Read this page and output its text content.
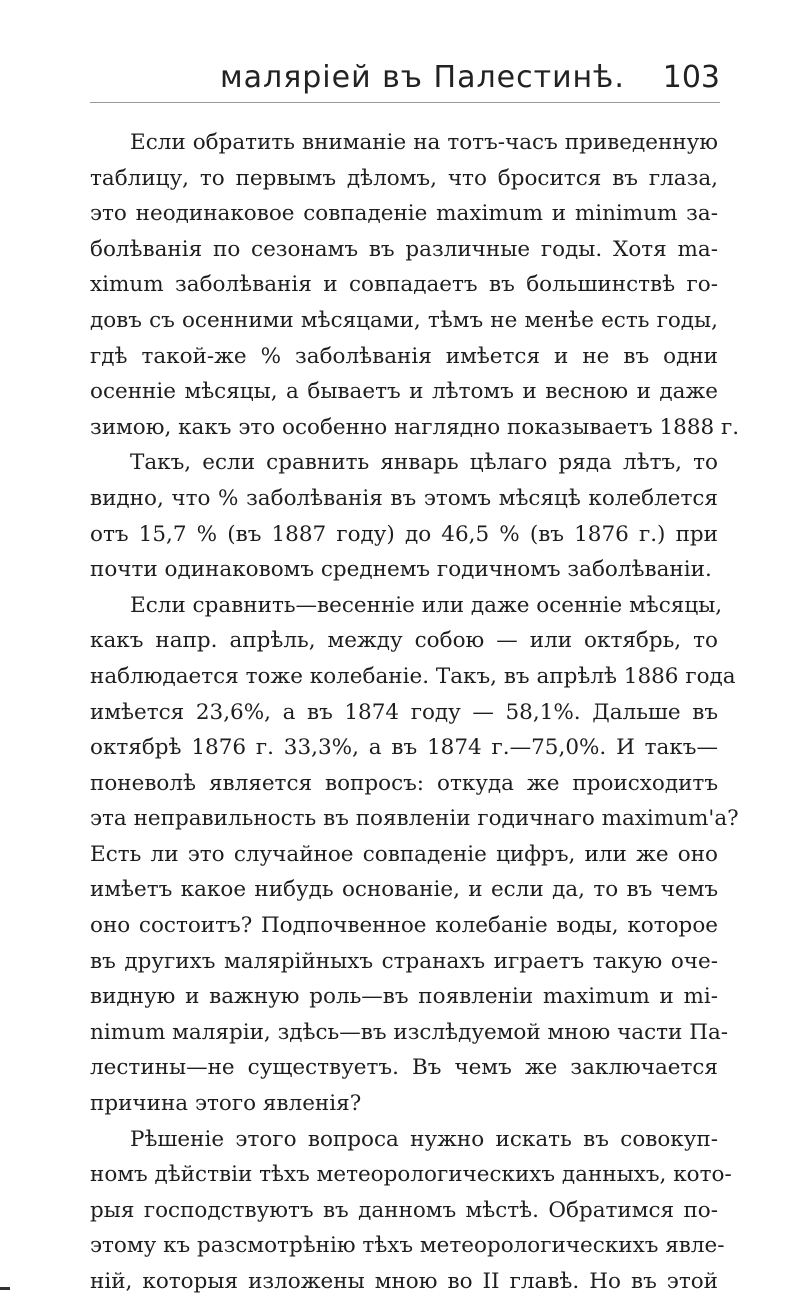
маляріей въ Палестинѣ. 103
Если обратить вниманіе на тотъ-часъ приведенную
таблицу, то первымъ дѣломъ, что бросится въ глаза,
это неодинаковое совпаденіе maximum и minimum за-
болѣванія по сезонамъ въ различные годы. Хотя ma-
ximum заболѣванія и совпадаетъ въ большинствѣ го-
довъ съ осенними мѣсяцами, тѣмъ не менѣе есть годы,
гдѣ такой-же % заболѣванія имѣется и не въ одни
осенніе мѣсяцы, а бываетъ и лѣтомъ и весною и даже
зимою, какъ это особенно наглядно показываетъ 1888 г.
Такъ, если сравнить январь цѣлаго ряда лѣтъ, то
видно, что % заболѣванія въ этомъ мѣсяцѣ колеблется
отъ 15,7 % (въ 1887 году) до 46,5 % (въ 1876 г.) при
почти одинаковомъ среднемъ годичномъ заболѣваніи.
Если сравнить—весенніе или даже осенніе мѣсяцы,
какъ напр. апрѣль, между собою — или октябрь, то
наблюдается тоже колебаніе. Такъ, въ апрѣлѣ 1886 года
имѣется 23,6%, а въ 1874 году — 58,1%. Дальше въ
октябрѣ 1876 г. 33,3%, а въ 1874 г.—75,0%. И такъ—
поневолѣ является вопросъ: откуда же происходитъ
эта неправильность въ появленіи годичнаго maximum'a?
Есть ли это случайное совпаденіе цифръ, или же оно
имѣетъ какое нибудь основаніе, и если да, то въ чемъ
оно состоитъ? Подпочвенное колебаніе воды, которое
въ другихъ малярійныхъ странахъ играетъ такую оче-
видную и важную роль—въ появленіи maximum и mi-
nimum маляріи, здѣсь—въ изслѣдуемой мною части Па-
лестины—не существуетъ. Въ чемъ же заключается
причина этого явленія?
Рѣшеніе этого вопроса нужно искать въ совокуп-
номъ дѣйствіи тѣхъ метеорологическихъ данныхъ, кото-
рыя господствуютъ въ данномъ мѣстѣ. Обратимся по-
этому къ разсмотрѣнію тѣхъ метеорологическихъ явле-
ній, которыя изложены мною во II главѣ. Но въ этой
